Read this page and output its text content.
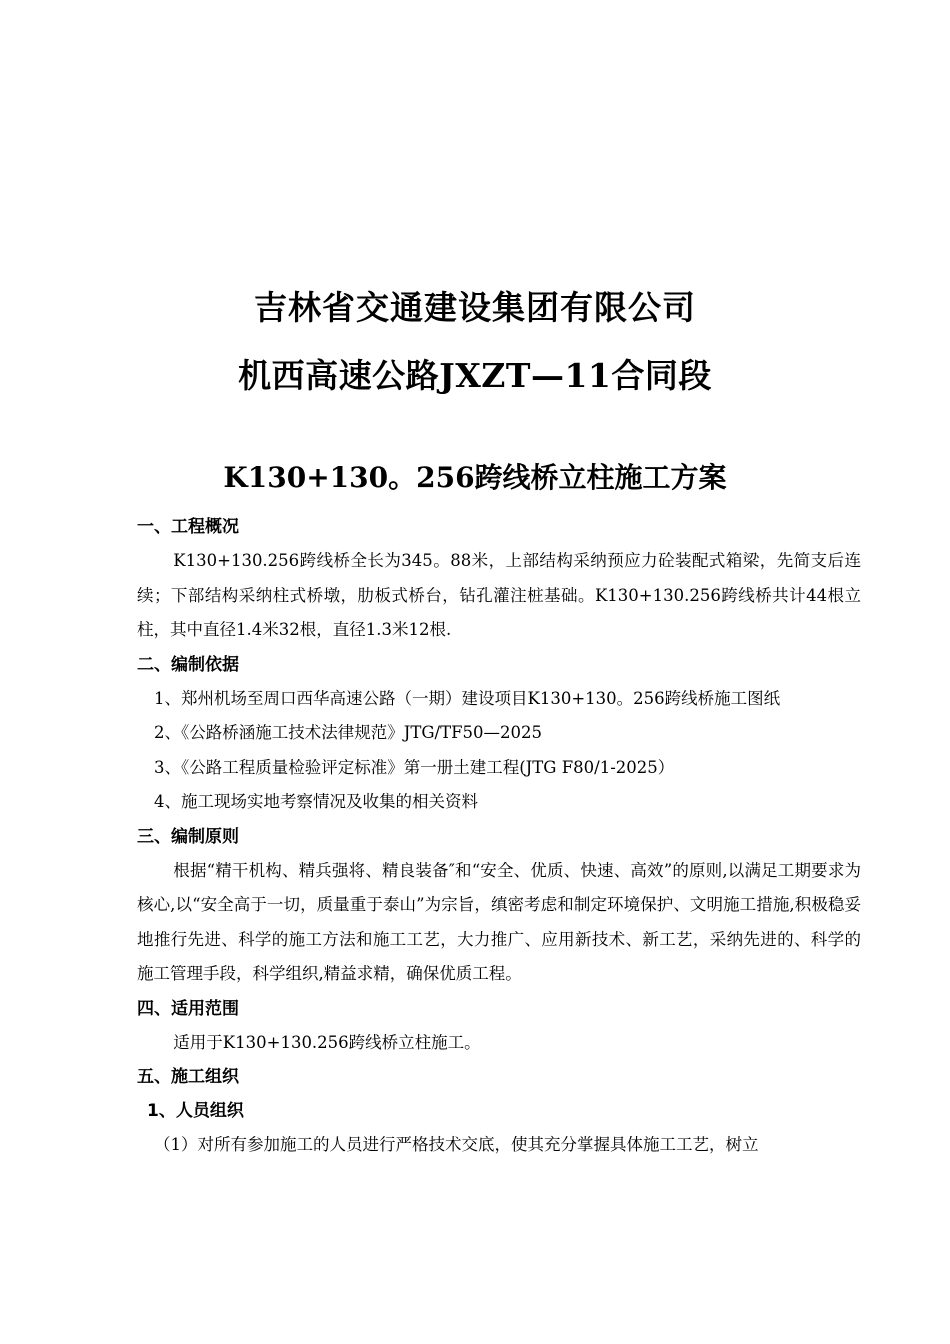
吉林省交通建设集团有限公司
机西高速公路JXZT—11合同段
K130+130。256跨线桥立柱施工方案
一、工程概况

K130+130.256跨线桥全长为345。88米，上部结构采纳预应力砼装配式箱梁，先简支后连续；下部结构采纳柱式桥墩，肋板式桥台，钻孔灌注桩基础。K130+130.256跨线桥共计44根立柱，其中直径1.4米32根，直径1.3米12根.

二、编制依据
1、郑州机场至周口西华高速公路（一期）建设项目K130+130。256跨线桥施工图纸
2、《公路桥涵施工技术法律规范》JTG/TF50—2025
3、《公路工程质量检验评定标准》第一册土建工程(JTG F80/1-2025）
4、施工现场实地考察情况及收集的相关资料
三、编制原则

根据“精干机构、精兵强将、精良装备″和“安全、优质、快速、高效”的原则,以满足工期要求为核心,以“安全高于一切，质量重于泰山”为宗旨，缜密考虑和制定环境保护、文明施工措施,积极稳妥地推行先进、科学的施工方法和施工工艺，大力推广、应用新技术、新工艺，采纳先进的、科学的施工管理手段，科学组织,精益求精，确保优质工程。

四、适用范围

适用于K130+130.256跨线桥立柱施工。

五、施工组织
1、人员组织
（1）对所有参加施工的人员进行严格技术交底，使其充分掌握具体施工工艺，树立
